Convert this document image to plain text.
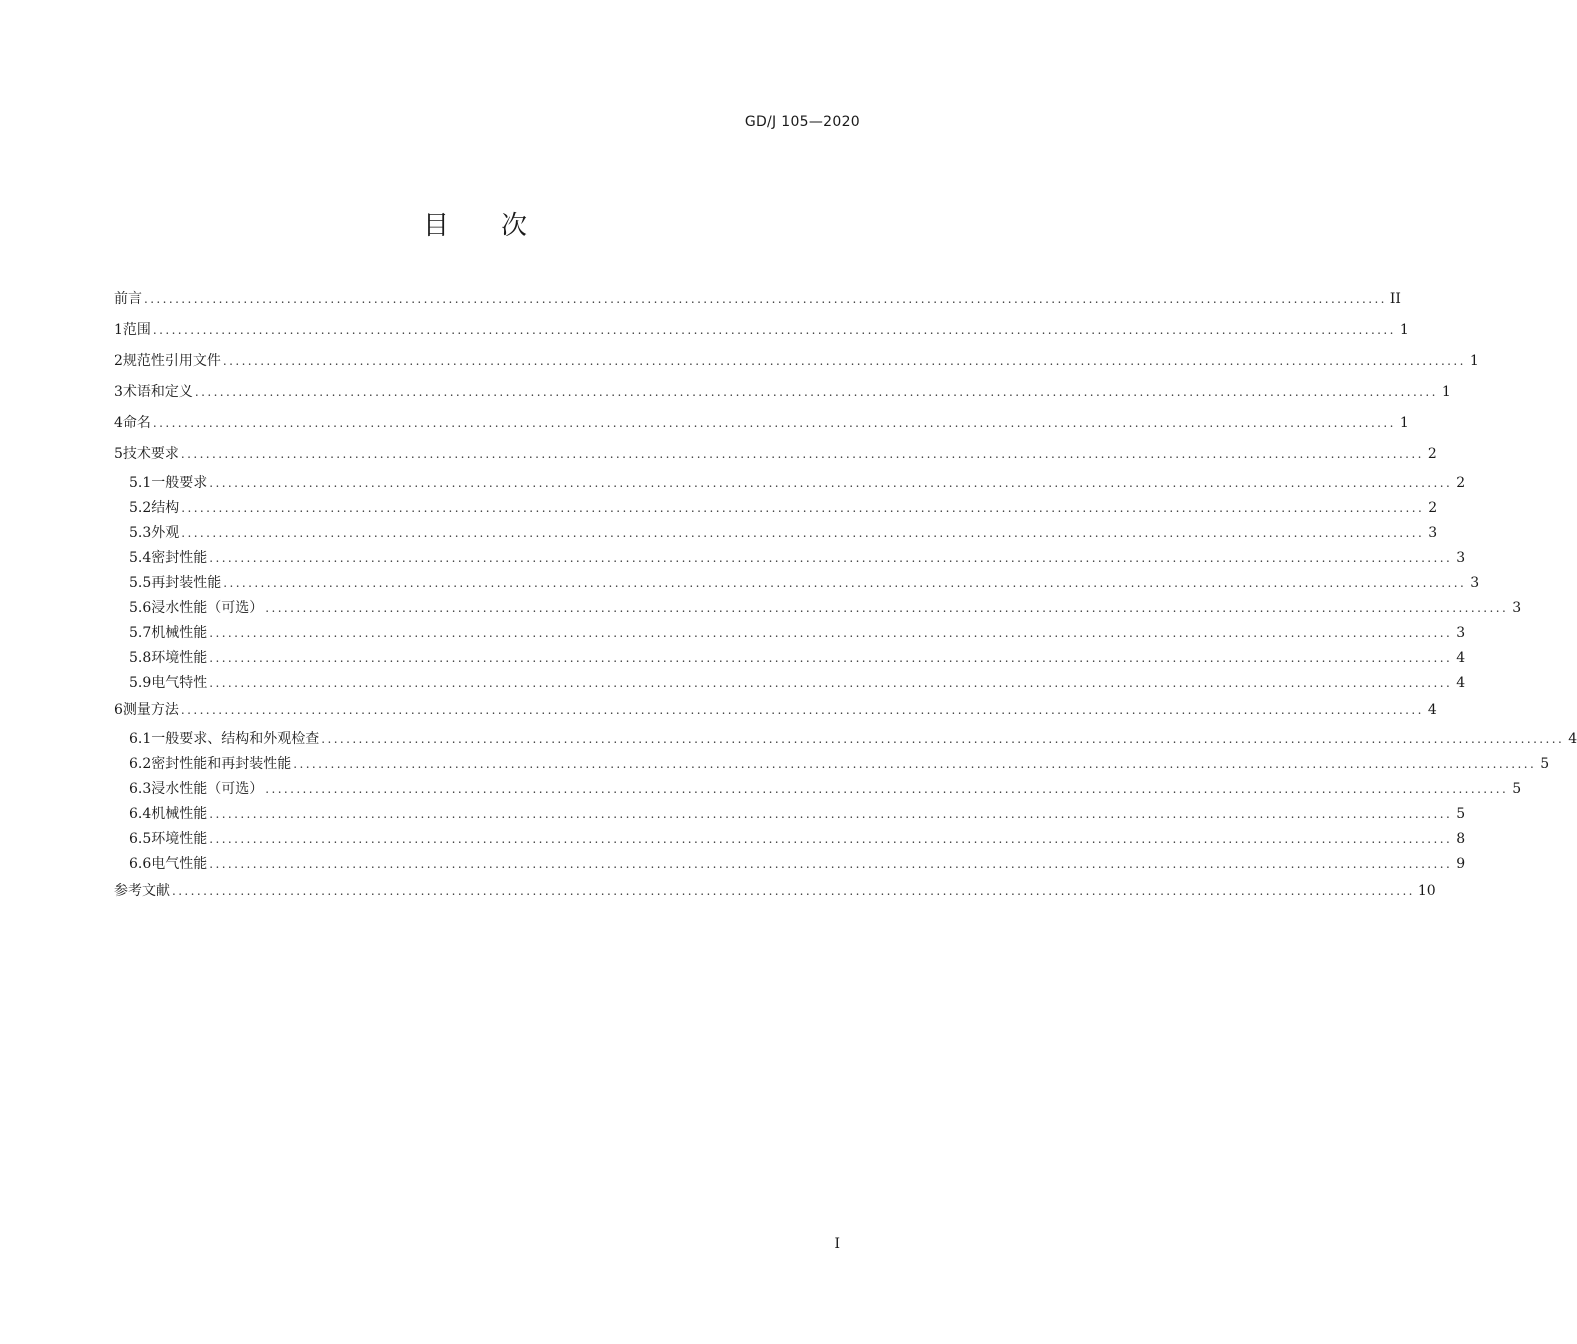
GD/J 105—2020
目 次
前言 ........................................................................................................................................................................................................ II
1 范围 ........................................................................................................................................................................................................ 1
2 规范性引用文件 ........................................................................................................................................................................................................ 1
3 术语和定义 ........................................................................................................................................................................................................ 1
4 命名 ........................................................................................................................................................................................................ 1
5 技术要求 ........................................................................................................................................................................................................ 2
5.1 一般要求 ........................................................................................................................................................................................................ 2
5.2 结构 ........................................................................................................................................................................................................ 2
5.3 外观 ........................................................................................................................................................................................................ 3
5.4 密封性能 ........................................................................................................................................................................................................ 3
5.5 再封装性能 ........................................................................................................................................................................................................ 3
5.6 浸水性能（可选） ........................................................................................................................................................................................................ 3
5.7 机械性能 ........................................................................................................................................................................................................ 3
5.8 环境性能 ........................................................................................................................................................................................................ 4
5.9 电气特性 ........................................................................................................................................................................................................ 4
6 测量方法 ........................................................................................................................................................................................................ 4
6.1 一般要求、结构和外观检查 ........................................................................................................................................................................................................ 4
6.2 密封性能和再封装性能 ........................................................................................................................................................................................................ 5
6.3 浸水性能（可选） ........................................................................................................................................................................................................ 5
6.4 机械性能 ........................................................................................................................................................................................................ 5
6.5 环境性能 ........................................................................................................................................................................................................ 8
6.6 电气性能 ........................................................................................................................................................................................................ 9
参考文献 ........................................................................................................................................................................................................ 10
I
